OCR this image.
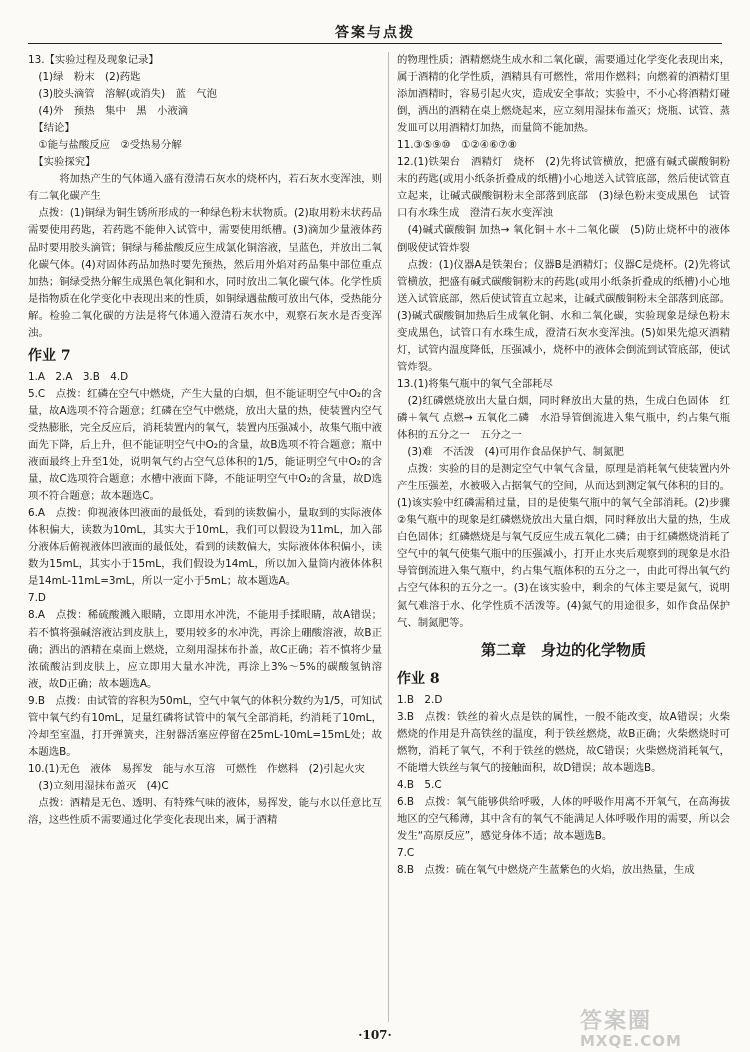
答案与点拨

13.【实验过程及现象记录】

　(1)绿　粉末　(2)药匙

　(3)胶头滴管　溶解(或消失)　蓝　气泡

　(4)外　预热　集中　黑　小液滴

　【结论】

　①能与盐酸反应　②受热易分解

　【实验探究】

　　　将加热产生的气体通入盛有澄清石灰水的烧杯内，若石灰水变浑浊，则有二氧化碳产生

　点拨：(1)铜绿为铜生锈所形成的一种绿色粉末状物质。(2)取用粉末状药品需要使用药匙，若药匙不能伸入试管中，需要使用纸槽。(3)滴加少量液体药品时要用胶头滴管；铜绿与稀盐酸反应生成氯化铜溶液，呈蓝色，并放出二氧化碳气体。(4)对固体药品加热时要先预热，然后用外焰对药品集中部位重点加热；铜绿受热分解生成黑色氧化铜和水，同时放出二氧化碳气体。化学性质是指物质在化学变化中表现出来的性质，如铜绿遇盐酸可放出气体，受热能分解。检验二氧化碳的方法是将气体通入澄清石灰水中，观察石灰水是否变浑浊。

作业 7

1.A　2.A　3.B　4.D

5.C　点拨：红磷在空气中燃烧，产生大量的白烟，但不能证明空气中O₂的含量，故A选项不符合题意；红磷在空气中燃烧，放出大量的热，使装置内空气受热膨胀，完全反应后，消耗装置内的氧气，装置内压强减小，故集气瓶中液面先下降，后上升，但不能证明空气中O₂的含量，故B选项不符合题意；瓶中液面最终上升至1处，说明氧气约占空气总体积的1/5，能证明空气中O₂的含量，故C选项符合题意；水槽中液面下降，不能证明空气中O₂的含量，故D选项不符合题意；故本题选C。

6.A　点拨：仰视液体凹液面的最低处，看到的读数偏小，量取到的实际液体体积偏大，读数为10mL，其实大于10mL，我们可以假设为11mL，加入部分液体后俯视液体凹液面的最低处，看到的读数偏大，实际液体体积偏小，读数为15mL，其实小于15mL，我们假设为14mL，所以加入量筒内液体体积是14mL-11mL=3mL，所以一定小于5mL；故本题选A。

7.D

8.A　点拨：稀硫酸溅入眼睛，立即用水冲洗，不能用手揉眼睛，故A错误；若不慎将强碱溶液沾到皮肤上，要用较多的水冲洗，再涂上硼酸溶液，故B正确；洒出的酒精在桌面上燃烧，立刻用湿抹布扑盖，故C正确；若不慎将少量浓硫酸沾到皮肤上，应立即用大量水冲洗，再涂上3%～5%的碳酸氢钠溶液，故D正确；故本题选A。

9.B　点拨：由试管的容积为50mL，空气中氧气的体积分数约为1/5，可知试管中氧气约有10mL，足量红磷将试管中的氧气全部消耗，约消耗了10mL，冷却至室温，打开弹簧夹，注射器活塞应停留在25mL-10mL=15mL处；故本题选B。

10.(1)无色　液体　易挥发　能与水互溶　可燃性　作燃料　(2)引起火灾

　(3)立刻用湿抹布盖灭　(4)C

　点拨：酒精是无色、透明、有特殊气味的液体，易挥发，能与水以任意比互溶，这些性质不需要通过化学变化表现出来，属于酒精

的物理性质；酒精燃烧生成水和二氧化碳，需要通过化学变化表现出来，属于酒精的化学性质，酒精具有可燃性，常用作燃料；向燃着的酒精灯里添加酒精时，容易引起火灾，造成安全事故；实验中，不小心将酒精灯碰倒，洒出的酒精在桌上燃烧起来，应立刻用湿抹布盖灭；烧瓶、试管、蒸发皿可以用酒精灯加热，而量筒不能加热。

11.③⑤⑨⑩　①②④⑥⑦⑧

12.(1)铁架台　酒精灯　烧杯　(2)先将试管横放，把盛有碱式碳酸铜粉末的药匙(或用小纸条折叠成的纸槽)小心地送入试管底部，然后使试管直立起来，让碱式碳酸铜粉末全部落到底部　(3)绿色粉末变成黑色　试管口有水珠生成　澄清石灰水变浑浊

　(4)碱式碳酸铜 加热→ 氧化铜＋水＋二氧化碳　(5)防止烧杯中的液体倒吸使试管炸裂

　点拨：(1)仪器A是铁架台；仪器B是酒精灯；仪器C是烧杯。(2)先将试管横放，把盛有碱式碳酸铜粉末的药匙(或用小纸条折叠成的纸槽)小心地送入试管底部，然后使试管直立起来，让碱式碳酸铜粉末全部落到底部。(3)碱式碳酸铜加热后生成氧化铜、水和二氧化碳，实验现象是绿色粉末变成黑色，试管口有水珠生成，澄清石灰水变浑浊。(5)如果先熄灭酒精灯，试管内温度降低，压强减小，烧杯中的液体会倒流到试管底部，使试管炸裂。

13.(1)将集气瓶中的氧气全部耗尽

　(2)红磷燃烧放出大量白烟，同时释放出大量的热，生成白色固体　红磷＋氧气 点燃→ 五氧化二磷　水沿导管倒流进入集气瓶中，约占集气瓶体积的五分之一　五分之一

　(3)难　不活泼　(4)可用作食品保护气、制氮肥

　点拨：实验的目的是测定空气中氧气含量，原理是消耗氧气使装置内外产生压强差，水被吸入占据氧气的空间，从而达到测定氧气体积的目的。(1)该实验中红磷需稍过量，目的是使集气瓶中的氧气全部消耗。(2)步骤②集气瓶中的现象是红磷燃烧放出大量白烟，同时释放出大量的热，生成白色固体；红磷燃烧是与氧气反应生成五氧化二磷；由于红磷燃烧消耗了空气中的氧气使集气瓶中的压强减小，打开止水夹后观察到的现象是水沿导管倒流进入集气瓶中，约占集气瓶体积的五分之一，由此可得出氧气约占空气体积的五分之一。(3)在该实验中，剩余的气体主要是氮气，说明氮气难溶于水、化学性质不活泼等。(4)氮气的用途很多，如作食品保护气、制氮肥等。

第二章　身边的化学物质

作业 8

1.B　2.D

3.B　点拨：铁丝的着火点是铁的属性，一般不能改变，故A错误；火柴燃烧的作用是升高铁丝的温度，利于铁丝燃烧，故B正确；火柴燃烧时可燃物，消耗了氧气，不利于铁丝的燃烧，故C错误；火柴燃烧消耗氧气，不能增大铁丝与氧气的接触面积，故D错误；故本题选B。

4.B　5.C

6.B　点拨：氧气能够供给呼吸，人体的呼吸作用离不开氧气，在高海拔地区的空气稀薄，其中含有的氧气不能满足人体呼吸作用的需要，所以会发生“高原反应”，感觉身体不适；故本题选B。

7.C

8.B　点拨：硫在氧气中燃烧产生蓝紫色的火焰，放出热量，生成

·107·
答案圈
MXQE.COM
